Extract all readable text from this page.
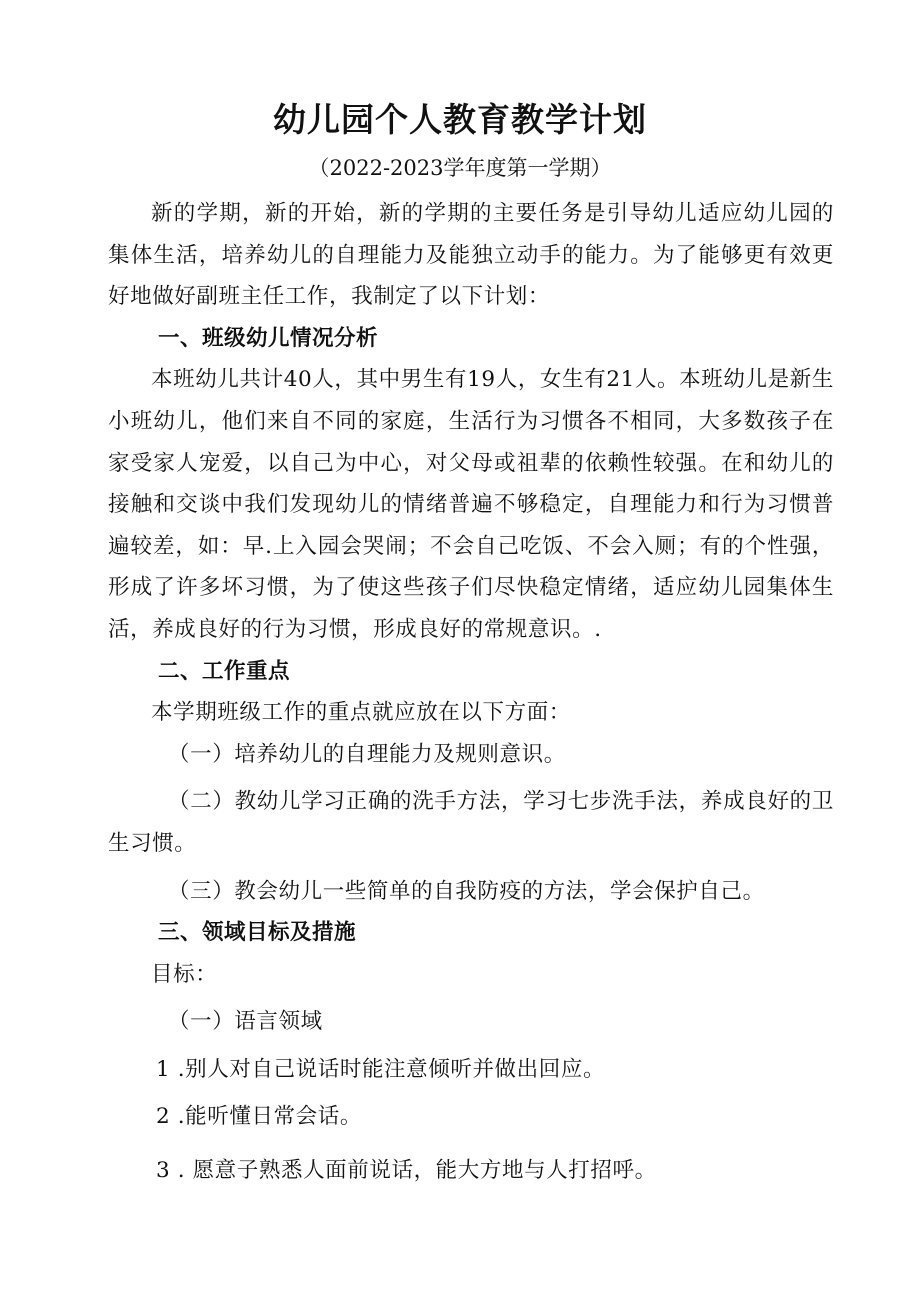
幼儿园个人教育教学计划
（2022-2023学年度第一学期）

新的学期，新的开始，新的学期的主要任务是引导幼儿适应幼儿园的集体生活，培养幼儿的自理能力及能独立动手的能力。为了能够更有效更好地做好副班主任工作，我制定了以下计划：

一、班级幼儿情况分析

本班幼儿共计40人，其中男生有19人，女生有21人。本班幼儿是新生小班幼儿，他们来自不同的家庭，生活行为习惯各不相同，大多数孩子在家受家人宠爱，以自己为中心，对父母或祖辈的依赖性较强。在和幼儿的接触和交谈中我们发现幼儿的情绪普遍不够稳定，自理能力和行为习惯普遍较差，如：早.上入园会哭闹；不会自己吃饭、不会入厕；有的个性强，形成了许多坏习惯，为了使这些孩子们尽快稳定情绪，适应幼儿园集体生活，养成良好的行为习惯，形成良好的常规意识。.

二、工作重点

本学期班级工作的重点就应放在以下方面：

（一）培养幼儿的自理能力及规则意识。

（二）教幼儿学习正确的洗手方法，学习七步洗手法，养成良好的卫生习惯。

（三）教会幼儿一些简单的自我防疫的方法，学会保护自己。

三、领域目标及措施

目标：

（一）语言领域

1 .别人对自己说话时能注意倾听并做出回应。

2 .能听懂日常会话。

3 . 愿意子熟悉人面前说话，能大方地与人打招呼。
